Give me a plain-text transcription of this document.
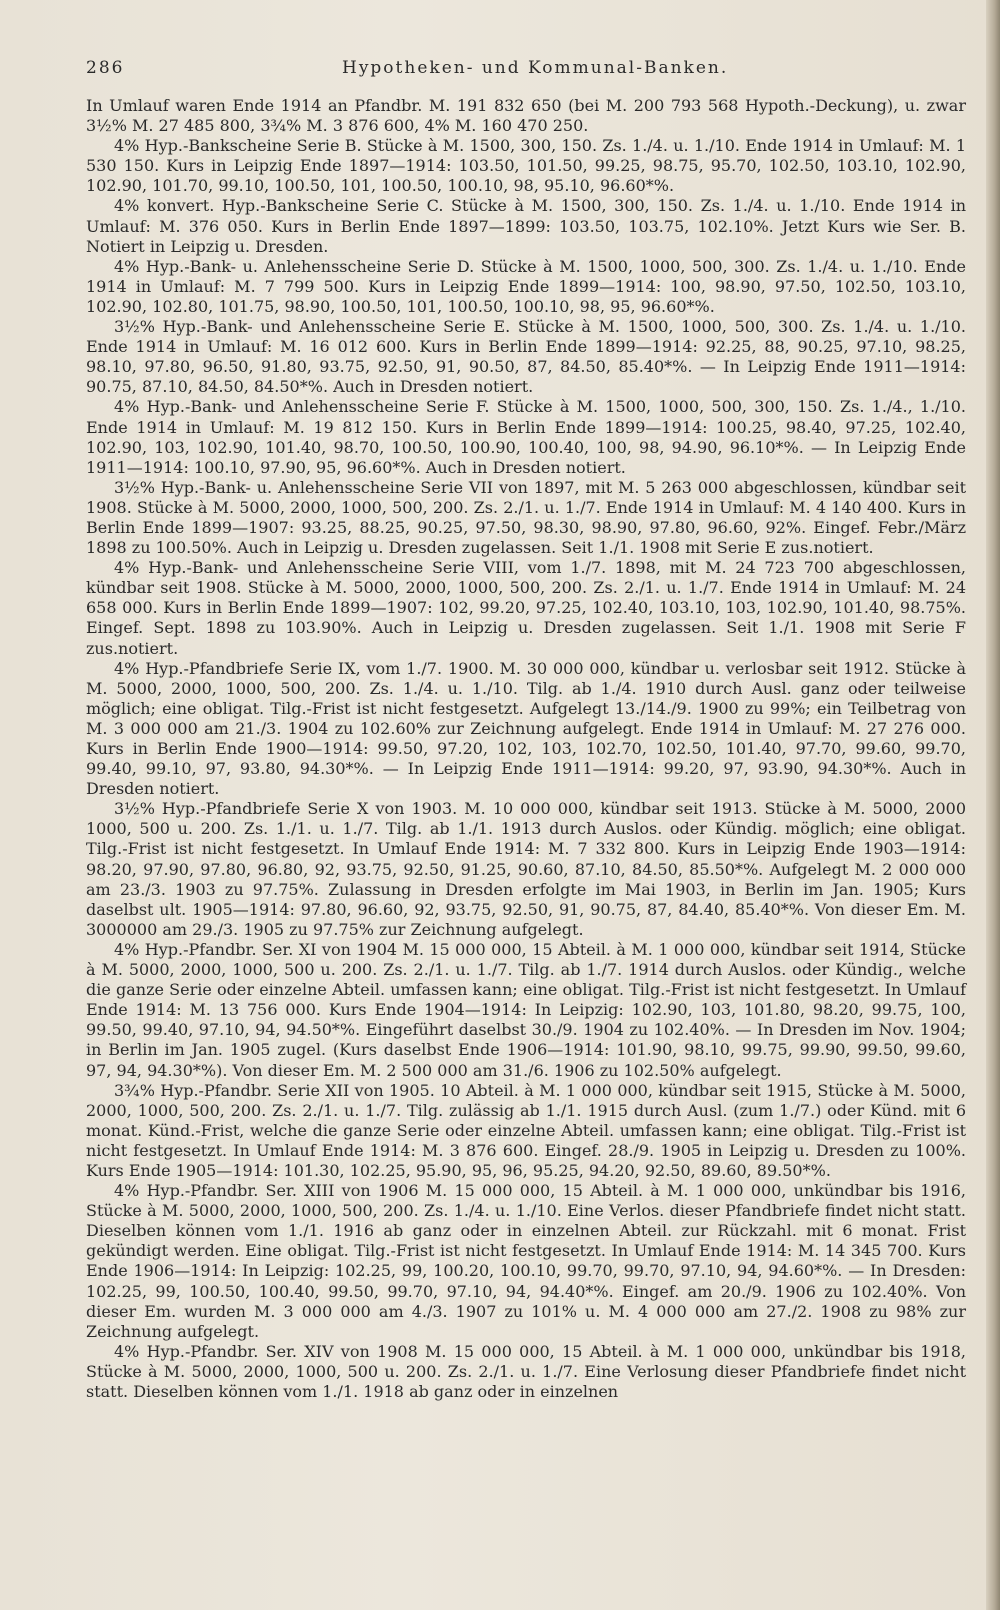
286	Hypotheken- und Kommunal-Banken.

In Umlauf waren Ende 1914 an Pfandbr. M. 191 832 650 (bei M. 200 793 568 Hypoth.-Deckung), u. zwar 3½% M. 27 485 800, 3¾% M. 3 876 600, 4% M. 160 470 250.

4% Hyp.-Bankscheine Serie B. Stücke à M. 1500, 300, 150. Zs. 1./4. u. 1./10. Ende 1914 in Umlauf: M. 1 530 150. Kurs in Leipzig Ende 1897—1914: 103.50, 101.50, 99.25, 98.75, 95.70, 102.50, 103.10, 102.90, 102.90, 101.70, 99.10, 100.50, 101, 100.50, 100.10, 98, 95.10, 96.60*%.

4% konvert. Hyp.-Bankscheine Serie C. Stücke à M. 1500, 300, 150. Zs. 1./4. u. 1./10. Ende 1914 in Umlauf: M. 376 050. Kurs in Berlin Ende 1897—1899: 103.50, 103.75, 102.10%. Jetzt Kurs wie Ser. B. Notiert in Leipzig u. Dresden.

4% Hyp.-Bank- u. Anlehensscheine Serie D. Stücke à M. 1500, 1000, 500, 300. Zs. 1./4. u. 1./10. Ende 1914 in Umlauf: M. 7 799 500. Kurs in Leipzig Ende 1899—1914: 100, 98.90, 97.50, 102.50, 103.10, 102.90, 102.80, 101.75, 98.90, 100.50, 101, 100.50, 100.10, 98, 95, 96.60*%.

3½% Hyp.-Bank- und Anlehensscheine Serie E. Stücke à M. 1500, 1000, 500, 300. Zs. 1./4. u. 1./10. Ende 1914 in Umlauf: M. 16 012 600. Kurs in Berlin Ende 1899—1914: 92.25, 88, 90.25, 97.10, 98.25, 98.10, 97.80, 96.50, 91.80, 93.75, 92.50, 91, 90.50, 87, 84.50, 85.40*%. — In Leipzig Ende 1911—1914: 90.75, 87.10, 84.50, 84.50*%. Auch in Dresden notiert.

4% Hyp.-Bank- und Anlehensscheine Serie F. Stücke à M. 1500, 1000, 500, 300, 150. Zs. 1./4., 1./10. Ende 1914 in Umlauf: M. 19 812 150. Kurs in Berlin Ende 1899—1914: 100.25, 98.40, 97.25, 102.40, 102.90, 103, 102.90, 101.40, 98.70, 100.50, 100.90, 100.40, 100, 98, 94.90, 96.10*%. — In Leipzig Ende 1911—1914: 100.10, 97.90, 95, 96.60*%. Auch in Dresden notiert.

3½% Hyp.-Bank- u. Anlehensscheine Serie VII von 1897, mit M. 5 263 000 abgeschlossen, kündbar seit 1908. Stücke à M. 5000, 2000, 1000, 500, 200. Zs. 2./1. u. 1./7. Ende 1914 in Umlauf: M. 4 140 400. Kurs in Berlin Ende 1899—1907: 93.25, 88.25, 90.25, 97.50, 98.30, 98.90, 97.80, 96.60, 92%. Eingef. Febr./März 1898 zu 100.50%. Auch in Leipzig u. Dresden zugelassen. Seit 1./1. 1908 mit Serie E zus.notiert.

4% Hyp.-Bank- und Anlehensscheine Serie VIII, vom 1./7. 1898, mit M. 24 723 700 abgeschlossen, kündbar seit 1908. Stücke à M. 5000, 2000, 1000, 500, 200. Zs. 2./1. u. 1./7. Ende 1914 in Umlauf: M. 24 658 000. Kurs in Berlin Ende 1899—1907: 102, 99.20, 97.25, 102.40, 103.10, 103, 102.90, 101.40, 98.75%. Eingef. Sept. 1898 zu 103.90%. Auch in Leipzig u. Dresden zugelassen. Seit 1./1. 1908 mit Serie F zus.notiert.

4% Hyp.-Pfandbriefe Serie IX, vom 1./7. 1900. M. 30 000 000, kündbar u. verlosbar seit 1912. Stücke à M. 5000, 2000, 1000, 500, 200. Zs. 1./4. u. 1./10. Tilg. ab 1./4. 1910 durch Ausl. ganz oder teilweise möglich; eine obligat. Tilg.-Frist ist nicht festgesetzt. Aufgelegt 13./14./9. 1900 zu 99%; ein Teilbetrag von M. 3 000 000 am 21./3. 1904 zu 102.60% zur Zeichnung aufgelegt. Ende 1914 in Umlauf: M. 27 276 000. Kurs in Berlin Ende 1900—1914: 99.50, 97.20, 102, 103, 102.70, 102.50, 101.40, 97.70, 99.60, 99.70, 99.40, 99.10, 97, 93.80, 94.30*%. — In Leipzig Ende 1911—1914: 99.20, 97, 93.90, 94.30*%. Auch in Dresden notiert.

3½% Hyp.-Pfandbriefe Serie X von 1903. M. 10 000 000, kündbar seit 1913. Stücke à M. 5000, 2000 1000, 500 u. 200. Zs. 1./1. u. 1./7. Tilg. ab 1./1. 1913 durch Auslos. oder Kündig. möglich; eine obligat. Tilg.-Frist ist nicht festgesetzt. In Umlauf Ende 1914: M. 7 332 800. Kurs in Leipzig Ende 1903—1914: 98.20, 97.90, 97.80, 96.80, 92, 93.75, 92.50, 91.25, 90.60, 87.10, 84.50, 85.50*%. Aufgelegt M. 2 000 000 am 23./3. 1903 zu 97.75%. Zulassung in Dresden erfolgte im Mai 1903, in Berlin im Jan. 1905; Kurs daselbst ult. 1905—1914: 97.80, 96.60, 92, 93.75, 92.50, 91, 90.75, 87, 84.40, 85.40*%. Von dieser Em. M. 3000000 am 29./3. 1905 zu 97.75% zur Zeichnung aufgelegt.

4% Hyp.-Pfandbr. Ser. XI von 1904 M. 15 000 000, 15 Abteil. à M. 1 000 000, kündbar seit 1914, Stücke à M. 5000, 2000, 1000, 500 u. 200. Zs. 2./1. u. 1./7. Tilg. ab 1./7. 1914 durch Auslos. oder Kündig., welche die ganze Serie oder einzelne Abteil. umfassen kann; eine obligat. Tilg.-Frist ist nicht festgesetzt. In Umlauf Ende 1914: M. 13 756 000. Kurs Ende 1904—1914: In Leipzig: 102.90, 103, 101.80, 98.20, 99.75, 100, 99.50, 99.40, 97.10, 94, 94.50*%. Eingeführt daselbst 30./9. 1904 zu 102.40%. — In Dresden im Nov. 1904; in Berlin im Jan. 1905 zugel. (Kurs daselbst Ende 1906—1914: 101.90, 98.10, 99.75, 99.90, 99.50, 99.60, 97, 94, 94.30*%). Von dieser Em. M. 2 500 000 am 31./6. 1906 zu 102.50% aufgelegt.

3¾% Hyp.-Pfandbr. Serie XII von 1905. 10 Abteil. à M. 1 000 000, kündbar seit 1915, Stücke à M. 5000, 2000, 1000, 500, 200. Zs. 2./1. u. 1./7. Tilg. zulässig ab 1./1. 1915 durch Ausl. (zum 1./7.) oder Künd. mit 6 monat. Künd.-Frist, welche die ganze Serie oder einzelne Abteil. umfassen kann; eine obligat. Tilg.-Frist ist nicht festgesetzt. In Umlauf Ende 1914: M. 3 876 600. Eingef. 28./9. 1905 in Leipzig u. Dresden zu 100%. Kurs Ende 1905—1914: 101.30, 102.25, 95.90, 95, 96, 95.25, 94.20, 92.50, 89.60, 89.50*%.

4% Hyp.-Pfandbr. Ser. XIII von 1906 M. 15 000 000, 15 Abteil. à M. 1 000 000, unkündbar bis 1916, Stücke à M. 5000, 2000, 1000, 500, 200. Zs. 1./4. u. 1./10. Eine Verlos. dieser Pfandbriefe findet nicht statt. Dieselben können vom 1./1. 1916 ab ganz oder in einzelnen Abteil. zur Rückzahl. mit 6 monat. Frist gekündigt werden. Eine obligat. Tilg.-Frist ist nicht festgesetzt. In Umlauf Ende 1914: M. 14 345 700. Kurs Ende 1906—1914: In Leipzig: 102.25, 99, 100.20, 100.10, 99.70, 99.70, 97.10, 94, 94.60*%. — In Dresden: 102.25, 99, 100.50, 100.40, 99.50, 99.70, 97.10, 94, 94.40*%. Eingef. am 20./9. 1906 zu 102.40%. Von dieser Em. wurden M. 3 000 000 am 4./3. 1907 zu 101% u. M. 4 000 000 am 27./2. 1908 zu 98% zur Zeichnung aufgelegt.

4% Hyp.-Pfandbr. Ser. XIV von 1908 M. 15 000 000, 15 Abteil. à M. 1 000 000, unkündbar bis 1918, Stücke à M. 5000, 2000, 1000, 500 u. 200. Zs. 2./1. u. 1./7. Eine Verlosung dieser Pfandbriefe findet nicht statt. Dieselben können vom 1./1. 1918 ab ganz oder in einzelnen
